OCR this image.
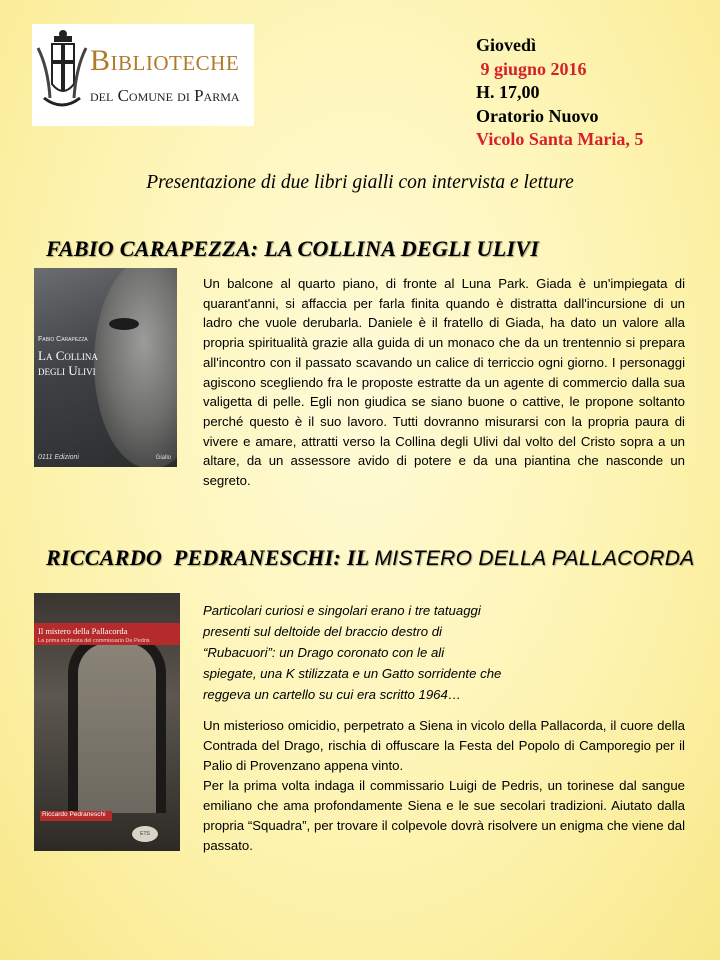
Biblioteche
del Comune di Parma
Giovedì
9 giugno 2016
H. 17,00
Oratorio Nuovo
Vicolo Santa Maria, 5
Presentazione di due libri gialli con intervista e letture
FABIO CARAPEZZA: LA COLLINA DEGLI ULIVI
Fabio Carapezza
La Collina
degli Ulivi
0111 Edizioni	Giallo
Un balcone al quarto piano, di fronte al Luna Park. Giada è un'impiegata di quarant'anni, si affaccia per farla finita quando è distratta dall'incursione di un ladro che vuole derubarla. Daniele è il fratello di Giada, ha dato un valore alla propria spiritualità grazie alla guida di un monaco che da un trentennio si prepara all'incontro con il passato scavando un calice di terriccio ogni giorno. I personaggi agiscono scegliendo fra le proposte estratte da un agente di commercio dalla sua valigetta di pelle. Egli non giudica se siano buone o cattive, le propone soltanto perché questo è il suo lavoro. Tutti dovranno misurarsi con la propria paura di vivere e amare, attratti verso la Collina degli Ulivi dal volto del Cristo sopra a un altare, da un assessore avido di potere e da una piantina che nasconde un segreto.
RICCARDO  PEDRANESCHI: IL MISTERO DELLA PALLACORDA
Il mistero della Pallacorda
La prima inchiesta del commissario De Pedris
Riccardo Pedraneschi
ETS
Particolari curiosi e singolari erano i tre tatuaggi
presenti sul deltoide del braccio destro di
“Rubacuori”: un Drago coronato con le ali
spiegate, una K stilizzata e un Gatto sorridente che
reggeva un cartello su cui era scritto 1964…

Un misterioso omicidio, perpetrato a Siena in vicolo della Pallacorda, il cuore della Contrada del Drago, rischia di offuscare la Festa del Popolo di Camporegio per il Palio di Provenzano appena vinto.

Per la prima volta indaga il commissario Luigi de Pedris, un torinese dal sangue emiliano che ama profondamente Siena e le sue secolari tradizioni. Aiutato dalla propria “Squadra”, per trovare il colpevole dovrà risolvere un enigma che viene dal passato.
